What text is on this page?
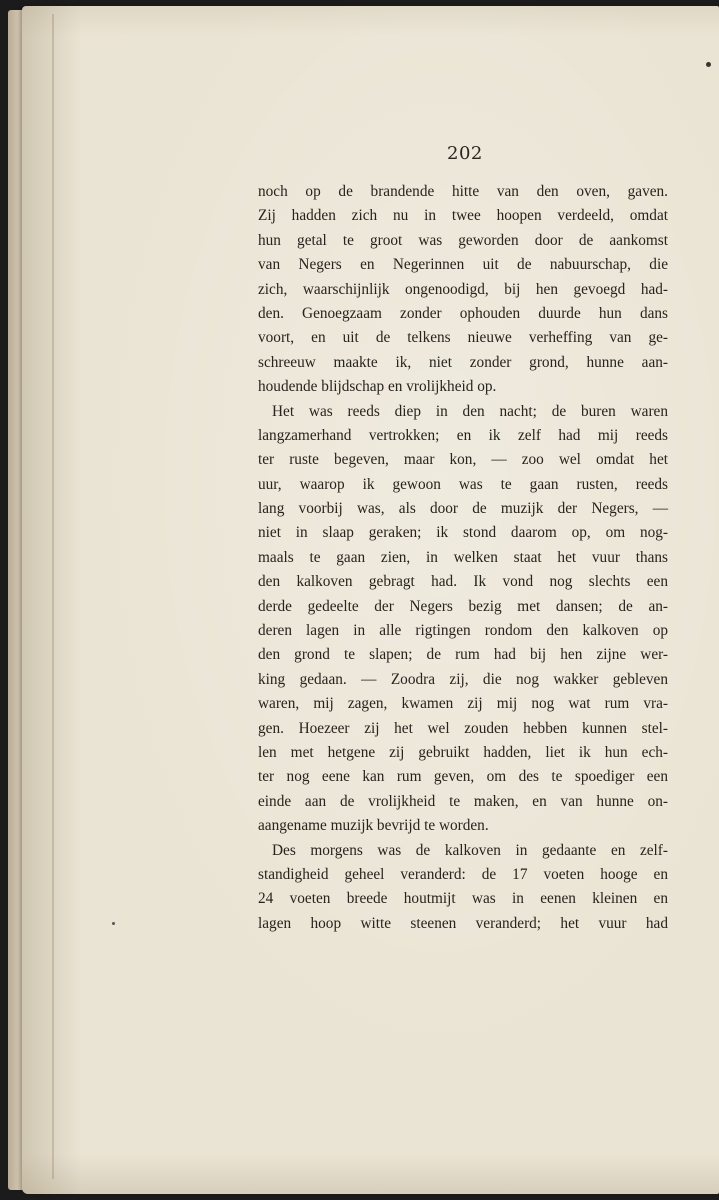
202
noch op de brandende hitte van den oven, gaven.
Zij hadden zich nu in twee hoopen verdeeld, omdat
hun getal te groot was geworden door de aankomst
van Negers en Negerinnen uit de nabuurschap, die
zich, waarschijnlijk ongenoodigd, bij hen gevoegd had-
den. Genoegzaam zonder ophouden duurde hun dans
voort, en uit de telkens nieuwe verheffing van ge-
schreeuw maakte ik, niet zonder grond, hunne aan-
houdende blijdschap en vrolijkheid op.
Het was reeds diep in den nacht; de buren waren
langzamerhand vertrokken; en ik zelf had mij reeds
ter ruste begeven, maar kon, — zoo wel omdat het
uur, waarop ik gewoon was te gaan rusten, reeds
lang voorbij was, als door de muzijk der Negers, —
niet in slaap geraken; ik stond daarom op, om nog-
maals te gaan zien, in welken staat het vuur thans
den kalkoven gebragt had. Ik vond nog slechts een
derde gedeelte der Negers bezig met dansen; de an-
deren lagen in alle rigtingen rondom den kalkoven op
den grond te slapen; de rum had bij hen zijne wer-
king gedaan. — Zoodra zij, die nog wakker gebleven
waren, mij zagen, kwamen zij mij nog wat rum vra-
gen. Hoezeer zij het wel zouden hebben kunnen stel-
len met hetgene zij gebruikt hadden, liet ik hun ech-
ter nog eene kan rum geven, om des te spoediger een
einde aan de vrolijkheid te maken, en van hunne on-
aangename muzijk bevrijd te worden.
Des morgens was de kalkoven in gedaante en zelf-
standigheid geheel veranderd: de 17 voeten hooge en
24 voeten breede houtmijt was in eenen kleinen en
lagen hoop witte steenen veranderd; het vuur had
